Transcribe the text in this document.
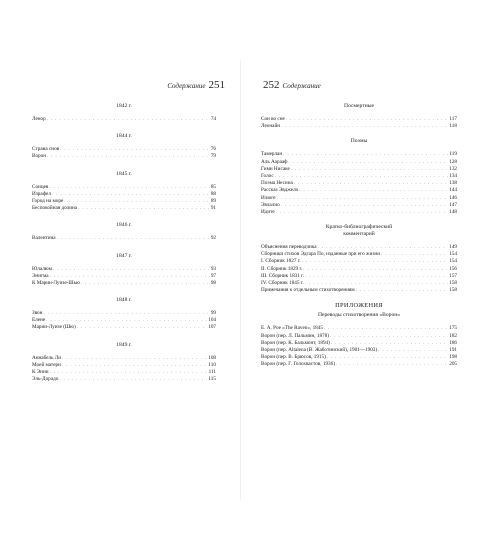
Содержание 251
1842 г.
Ленор . . .	74
1844 г.
Страна снов . . .	76
Ворон . . .	79
1845 г.
Сонцев . . .	85
Израфел . . .	88
Город на море . . .	89
Беспокойная долина . . .	91
1846 г.
Валентина . . .	92
1847 г.
Юлалюм . . .	93
Энигма . . .	97
К Марии-Луизе-Шью . . .	98
1848 г.
Звон . . .	99
Елене . . .	104
Марии-Луизе (Шю) . . .	107
1849 г.
Аннабель Ли . . .	108
Моей матери . . .	110
К Энни . . .	111
Эль-Дорадо . . .	115
252 Содержание
Посмертные
Сон во сне . . .	117
Леонайн . . .	118
Поэмы
Тамерлан . . .	119
Аль Аарааф . . .	128
Гимн Нисаке . . .	132
Голос . . .	134
Поэма Несина . . .	138
Рассказ Эвджело . . .	144
Илюге . . .	146
Эвлалио . . .	147
Идите . . .	148
Кратко-библиографический
комментарий
Объяснения переводчика . . .	149
Сборники стихов Эдгара По, изданные при его жизни . . .	154
I. Сборник 1827 г. . . .	154
II. Сборник 1829 г. . . .	156
III. Сборник 1831 г. . . .	157
IV. Сборник 1845 г. . . .	158
Примечания к отдельным стихотворениям . . .	158
ПРИЛОЖЕНИЯ
Переводы стихотворения «Ворон»
Е. А. Poe «The Raven», 1845 . . .	175
Ворон (пер. Л. Пальмин, 1878) . . .	182
Ворон (пер. К. Бальмонт, 1894) . . .	186
Ворон (пер. Altalena (В. Жаботинский), 1901—1903) . . .	191
Ворон (пер. В. Брюсов, 1915) . . .	198
Ворон (пер. Г. Голохвастов, 1936) . . .	205
